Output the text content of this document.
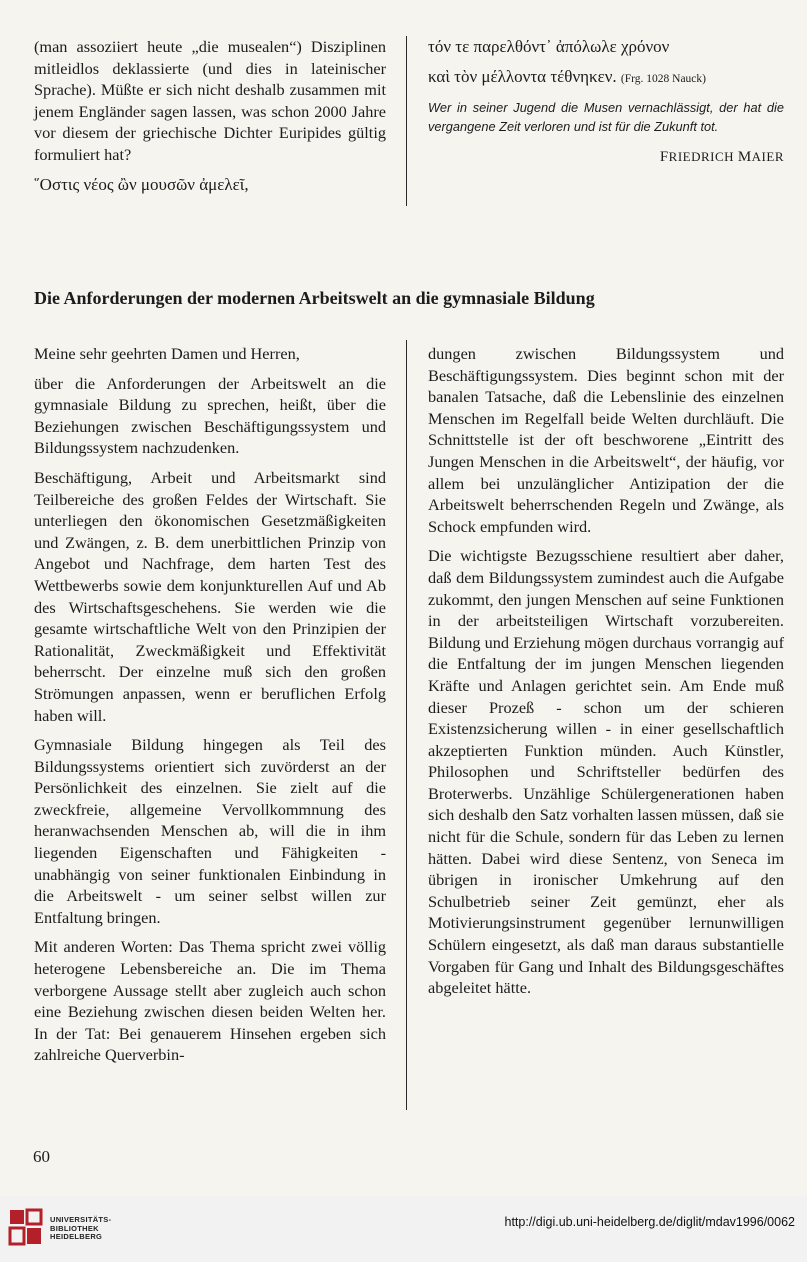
(man assoziiert heute „die musealen“) Disziplinen mitleidlos deklassierte (und dies in lateinischer Sprache). Müßte er sich nicht deshalb zusammen mit jenem Engländer sagen lassen, was schon 2000 Jahre vor diesem der griechische Dichter Euripides gültig formuliert hat?

῞Οστις νέος ὢν μουσῶν ἀμελεῖ,

τόν τε παρελθόντ᾽ ἀπόλωλε χρόνον

καὶ τὸν μέλλοντα τέθνηκεν. (Frg. 1028 Nauck)

Wer in seiner Jugend die Musen vernachlässigt, der hat die vergangene Zeit verloren und ist für die Zukunft tot.

FRIEDRICH MAIER
Die Anforderungen der modernen Arbeitswelt an die gymnasiale Bildung

Meine sehr geehrten Damen und Herren,

über die Anforderungen der Arbeitswelt an die gymnasiale Bildung zu sprechen, heißt, über die Beziehungen zwischen Beschäftigungssystem und Bildungssystem nachzudenken.

Beschäftigung, Arbeit und Arbeitsmarkt sind Teilbereiche des großen Feldes der Wirtschaft. Sie unterliegen den ökonomischen Gesetzmäßigkeiten und Zwängen, z. B. dem unerbittlichen Prinzip von Angebot und Nachfrage, dem harten Test des Wettbewerbs sowie dem konjunkturellen Auf und Ab des Wirtschaftsgeschehens. Sie werden wie die gesamte wirtschaftliche Welt von den Prinzipien der Rationalität, Zweckmäßigkeit und Effektivität beherrscht. Der einzelne muß sich den großen Strömungen anpassen, wenn er beruflichen Erfolg haben will.

Gymnasiale Bildung hingegen als Teil des Bildungssystems orientiert sich zuvörderst an der Persönlichkeit des einzelnen. Sie zielt auf die zweckfreie, allgemeine Vervollkommnung des heranwachsenden Menschen ab, will die in ihm liegenden Eigenschaften und Fähigkeiten - unabhängig von seiner funktionalen Einbindung in die Arbeitswelt - um seiner selbst willen zur Entfaltung bringen.

Mit anderen Worten: Das Thema spricht zwei völlig heterogene Lebensbereiche an. Die im Thema verborgene Aussage stellt aber zugleich auch schon eine Beziehung zwischen diesen beiden Welten her. In der Tat: Bei genauerem Hinsehen ergeben sich zahlreiche Querverbin-

dungen zwischen Bildungssystem und Beschäftigungssystem. Dies beginnt schon mit der banalen Tatsache, daß die Lebenslinie des einzelnen Menschen im Regelfall beide Welten durchläuft. Die Schnittstelle ist der oft beschworene „Eintritt des Jungen Menschen in die Arbeitswelt“, der häufig, vor allem bei unzulänglicher Antizipation der die Arbeitswelt beherrschenden Regeln und Zwänge, als Schock empfunden wird.

Die wichtigste Bezugsschiene resultiert aber daher, daß dem Bildungssystem zumindest auch die Aufgabe zukommt, den jungen Menschen auf seine Funktionen in der arbeitsteiligen Wirtschaft vorzubereiten. Bildung und Erziehung mögen durchaus vorrangig auf die Entfaltung der im jungen Menschen liegenden Kräfte und Anlagen gerichtet sein. Am Ende muß dieser Prozeß - schon um der schieren Existenzsicherung willen - in einer gesellschaftlich akzeptierten Funktion münden. Auch Künstler, Philosophen und Schriftsteller bedürfen des Broterwerbs. Unzählige Schülergenerationen haben sich deshalb den Satz vorhalten lassen müssen, daß sie nicht für die Schule, sondern für das Leben zu lernen hätten. Dabei wird diese Sentenz, von Seneca im übrigen in ironischer Umkehrung auf den Schulbetrieb seiner Zeit gemünzt, eher als Motivierungsinstrument gegenüber lernunwilligen Schülern eingesetzt, als daß man daraus substantielle Vorgaben für Gang und Inhalt des Bildungsgeschäftes abgeleitet hätte.

60

UNIVERSITÄTS-
BIBLIOTHEK
HEIDELBERG
http://digi.ub.uni-heidelberg.de/diglit/mdav1996/0062
